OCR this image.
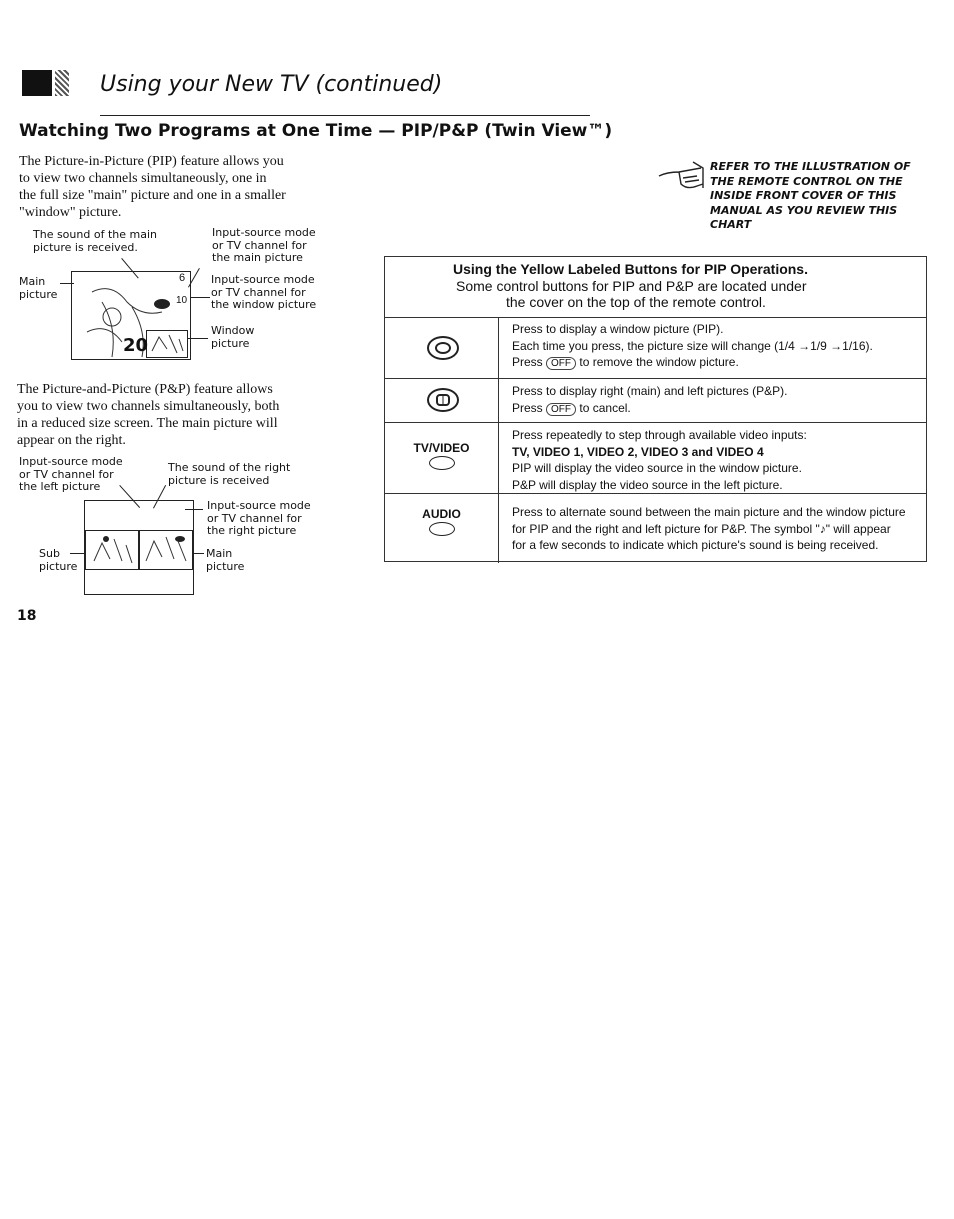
Using your New TV (continued)
Watching Two Programs at One Time — PIP/P&P (Twin View™)
The Picture-in-Picture (PIP) feature allows you
to view two channels simultaneously, one in
the full size "main" picture and one in a smaller
"window" picture.
The sound of the main
picture is received.
Input-source mode
or TV channel for
the main picture
Main
picture
Input-source mode
or TV channel for
the window picture
Window
picture
6
10
20
The Picture-and-Picture (P&P) feature allows
you to view two channels simultaneously, both
in a reduced size screen. The main picture will
appear on the right.
Input-source mode
or TV channel for
the left picture
The sound of the right
picture is received
Input-source mode
or TV channel for
the right picture
Sub
picture
Main
picture
REFER TO THE ILLUSTRATION OF
THE REMOTE CONTROL ON THE
INSIDE FRONT COVER OF THIS
MANUAL AS YOU REVIEW THIS
CHART
Using the Yellow Labeled Buttons for PIP Operations.
Some control buttons for PIP and P&P are located under
the cover on the top of the remote control.
Press to display a window picture (PIP).
Each time you press, the picture size will change (1/4 →1/9 →1/16).
Press OFF to remove the window picture.
Press to display right (main) and left pictures (P&P).
Press OFF to cancel.
TV/VIDEO
Press repeatedly to step through available video inputs:
TV, VIDEO 1, VIDEO 2, VIDEO 3 and VIDEO 4
PIP will display the video source in the window picture.
P&P will display the video source in the left picture.
AUDIO	Press to alternate sound between the main picture and the window picture
for PIP and the right and left picture for P&P. The symbol "♪" will appear
for a few seconds to indicate which picture's sound is being received.
18
